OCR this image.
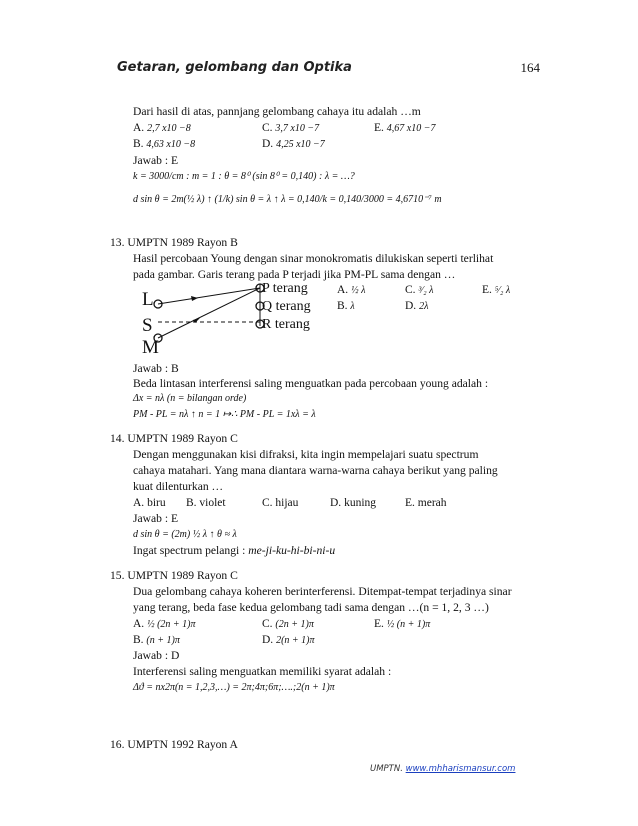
Getaran, gelombang dan Optika	164
Dari hasil di atas, pannjang gelombang cahaya itu adalah …m
A. 2,7 x10 −8	C. 3,7 x10 −7	E. 4,67 x10 −7
B. 4,63 x10 −8	D. 4,25 x10 −7
Jawab : E
k = 3000/cm : m = 1 : θ = 8⁰ (sin 8⁰ = 0,140) : λ = …?
d sin θ = 2m(½ λ) ↑ (1/k) sin θ = λ ↑ λ = 0,140/k = 0,140/3000 = 4,6710⁻⁷ m
13. UMPTN 1989 Rayon B
Hasil percobaan Young dengan sinar monokromatis dilukiskan seperti terlihat
pada gambar. Garis terang pada P terjadi jika PM-PL sama dengan …
L
S
M
P terang
Q terang
R terang
A. ½ λ	C. ³⁄₂ λ	E. ⁵⁄₂ λ
B. λ	D. 2λ
Jawab : B
Beda lintasan interferensi saling menguatkan pada percobaan young adalah :
Δx = nλ (n = bilangan orde)
PM - PL = nλ ↑ n = 1 ↦∴ PM - PL = 1xλ = λ
14. UMPTN 1989 Rayon C
Dengan menggunakan kisi difraksi, kita ingin mempelajari suatu spectrum
cahaya matahari. Yang mana diantara warna-warna cahaya berikut yang paling
kuat dilenturkan …
A. biru B. violet	C. hijau	D. kuning	E. merah
Jawab : E
d sin θ = (2m) ½ λ ↑ θ ≈ λ
Ingat spectrum pelangi : me-ji-ku-hi-bi-ni-u
15. UMPTN 1989 Rayon C
Dua gelombang cahaya koheren berinterferensi. Ditempat-tempat terjadinya sinar
yang terang, beda fase kedua gelombang tadi sama dengan …(n = 1, 2, 3 …)
A. ½ (2n + 1)π	C. (2n + 1)π	E. ½ (n + 1)π
B. (n + 1)π	D. 2(n + 1)π
Jawab : D
Interferensi saling menguatkan memiliki syarat adalah :
Δϑ = nx2π(n = 1,2,3,…) = 2π;4π;6π;….;2(n + 1)π
16. UMPTN 1992 Rayon A
UMPTN. www.mhharismansur.com
